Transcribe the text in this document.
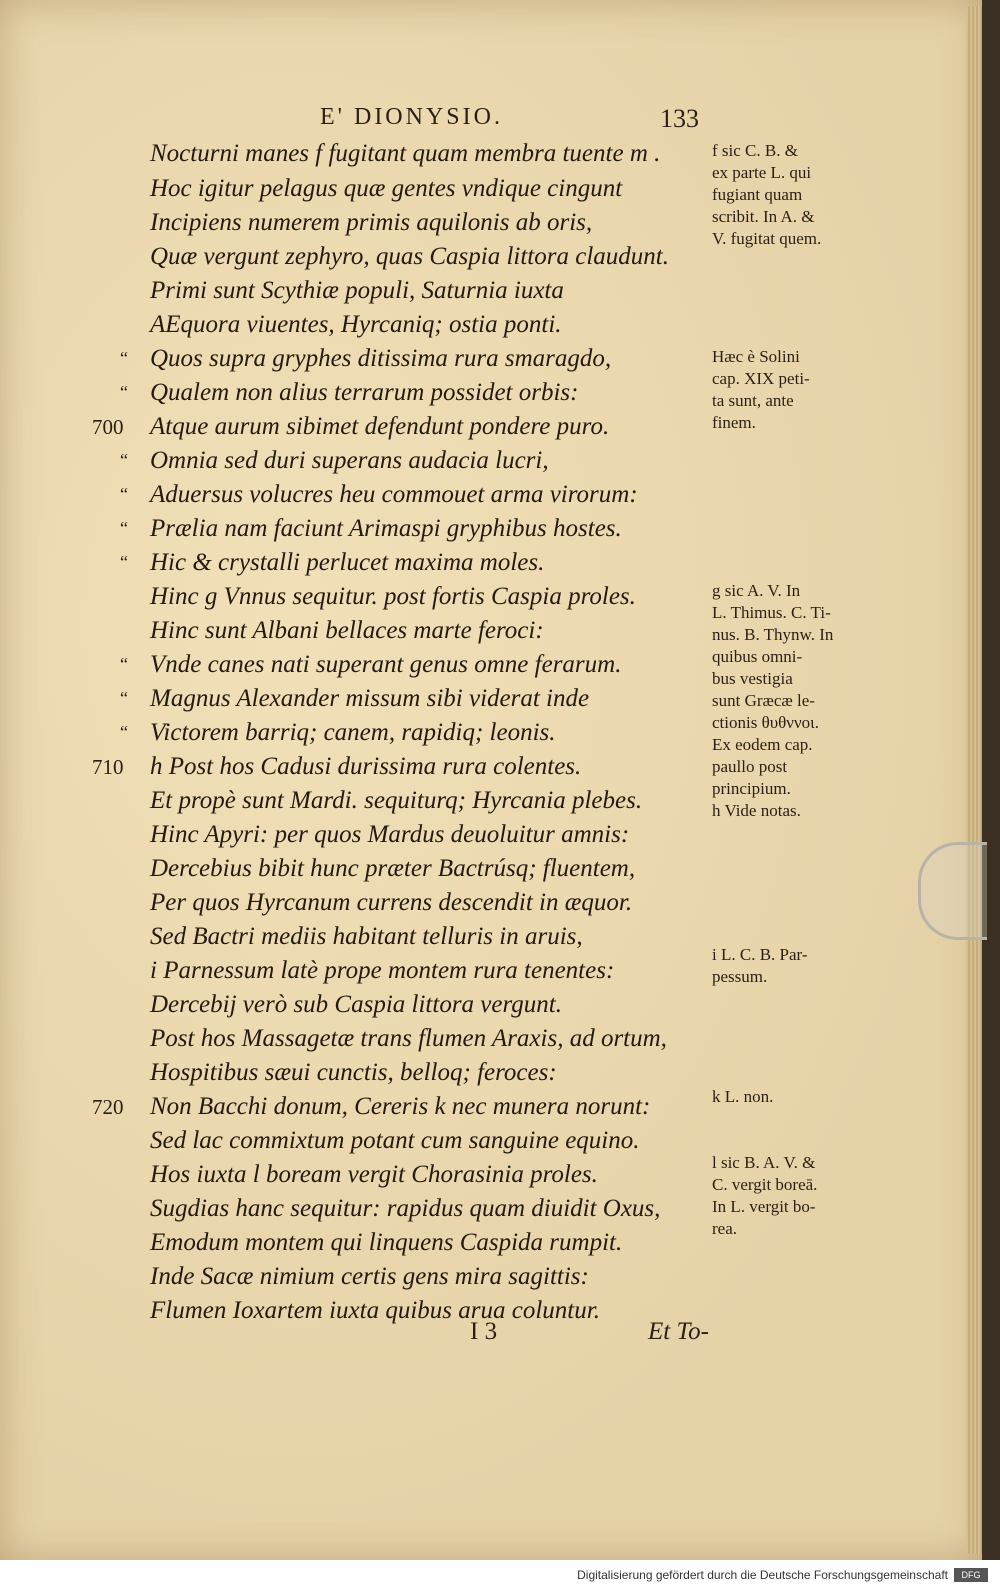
E' DIONYSIO.	133
Nocturni manes f fugitant quam membra tuente m .
Hoc igitur pelagus quæ gentes vndique cingunt
Incipiens numerem primis aquilonis ab oris,
Quæ vergunt zephyro, quas Caspia littora claudunt.
Primi sunt Scythiæ populi, Saturnia iuxta
AEquora viuentes, Hyrcaniq; ostia ponti.
Quos supra gryphes ditissima rura smaragdo,
Qualem non alius terrarum possidet orbis:
Atque aurum sibimet defendunt pondere puro.
Omnia sed duri superans audacia lucri,
Aduersus volucres heu commouet arma virorum:
Prælia nam faciunt Arimaspi gryphibus hostes.
Hic & crystalli perlucet maxima moles.
Hinc g Vnnus sequitur. post fortis Caspia proles.
Hinc sunt Albani bellaces marte feroci:
Vnde canes nati superant genus omne ferarum.
Magnus Alexander missum sibi viderat inde
Victorem barriq; canem, rapidiq; leonis.
h Post hos Cadusi durissima rura colentes.
Et propè sunt Mardi. sequiturq; Hyrcania plebes.
Hinc Apyri: per quos Mardus deuoluitur amnis:
Dercebius bibit hunc præter Bactrúsq; fluentem,
Per quos Hyrcanum currens descendit in æquor.
Sed Bactri mediis habitant telluris in aruis,
i Parnessum latè prope montem rura tenentes:
Dercebij verò sub Caspia littora vergunt.
Post hos Massagetæ trans flumen Araxis, ad ortum,
Hospitibus sæui cunctis, belloq; feroces:
Non Bacchi donum, Cereris k nec munera norunt:
Sed lac commixtum potant cum sanguine equino.
Hos iuxta l boream vergit Chorasinia proles.
Sugdias hanc sequitur: rapidus quam diuidit Oxus,
Emodum montem qui linquens Caspida rumpit.
Inde Sacæ nimium certis gens mira sagittis:
Flumen Ioxartem iuxta quibus arua coluntur.
700
710
720
“
“
“
“
“
“
“
“
“
f sic C. B. &
ex parte L. qui
fugiant quam
scribit. In A. &
V. fugitat quem.
Hæc è Solini
cap. XIX peti-
ta sunt, ante
finem.
g sic A. V. In
L. Thimus. C. Ti-
nus. B. Thynw. In
quibus omni-
bus vestigia
sunt Græcæ le-
ctionis θυθννοι.
Ex eodem cap.
paullo post
principium.
h Vide notas.
i L. C. B. Par-
pessum.
k L. non.
l sic B. A. V. &
C. vergit boreā.
In L. vergit bo-
rea.
I 3	Et To-
Digitalisierung gefördert durch die Deutsche Forschungsgemeinschaft	DFG
